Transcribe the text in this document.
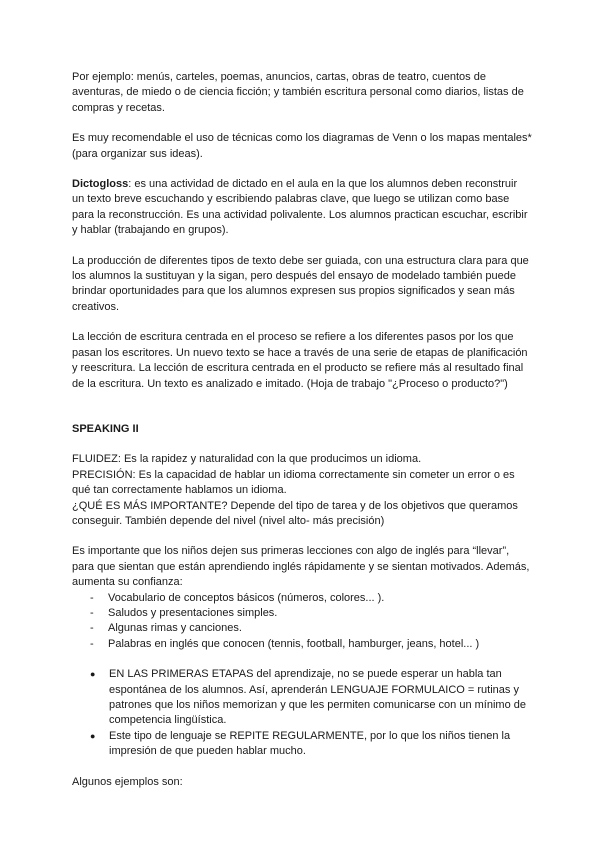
Por ejemplo: menús, carteles, poemas, anuncios, cartas, obras de teatro, cuentos de aventuras, de miedo o de ciencia ficción; y también escritura personal como diarios, listas de compras y recetas.

Es muy recomendable el uso de técnicas como los diagramas de Venn o los mapas mentales* (para organizar sus ideas).

Dictogloss: es una actividad de dictado en el aula en la que los alumnos deben reconstruir un texto breve escuchando y escribiendo palabras clave, que luego se utilizan como base para la reconstrucción. Es una actividad polivalente. Los alumnos practican escuchar, escribir y hablar (trabajando en grupos).

La producción de diferentes tipos de texto debe ser guiada, con una estructura clara para que los alumnos la sustituyan y la sigan, pero después del ensayo de modelado también puede brindar oportunidades para que los alumnos expresen sus propios significados y sean más creativos.

La lección de escritura centrada en el proceso se refiere a los diferentes pasos por los que pasan los escritores. Un nuevo texto se hace a través de una serie de etapas de planificación y reescritura. La lección de escritura centrada en el producto se refiere más al resultado final de la escritura. Un texto es analizado e imitado. (Hoja de trabajo "¿Proceso o producto?")

SPEAKING II

FLUIDEZ: Es la rapidez y naturalidad con la que producimos un idioma.

PRECISIÓN: Es la capacidad de hablar un idioma correctamente sin cometer un error o es qué tan correctamente hablamos un idioma.

¿QUÉ ES MÁS IMPORTANTE? Depende del tipo de tarea y de los objetivos que queramos conseguir. También depende del nivel (nivel alto- más precisión)

Es importante que los niños dejen sus primeras lecciones con algo de inglés para “llevar”, para que sientan que están aprendiendo inglés rápidamente y se sientan motivados. Además, aumenta su confianza:

- Vocabulario de conceptos básicos (números, colores... ).
- Saludos y presentaciones simples.
- Algunas rimas y canciones.
- Palabras en inglés que conocen (tennis, football, hamburger, jeans, hotel... )
● EN LAS PRIMERAS ETAPAS del aprendizaje, no se puede esperar un habla tan espontánea de los alumnos. Así, aprenderán LENGUAJE FORMULAICO = rutinas y patrones que los niños memorizan y que les permiten comunicarse con un mínimo de competencia lingüística.
● Este tipo de lenguaje se REPITE REGULARMENTE, por lo que los niños tienen la impresión de que pueden hablar mucho.

Algunos ejemplos son:
